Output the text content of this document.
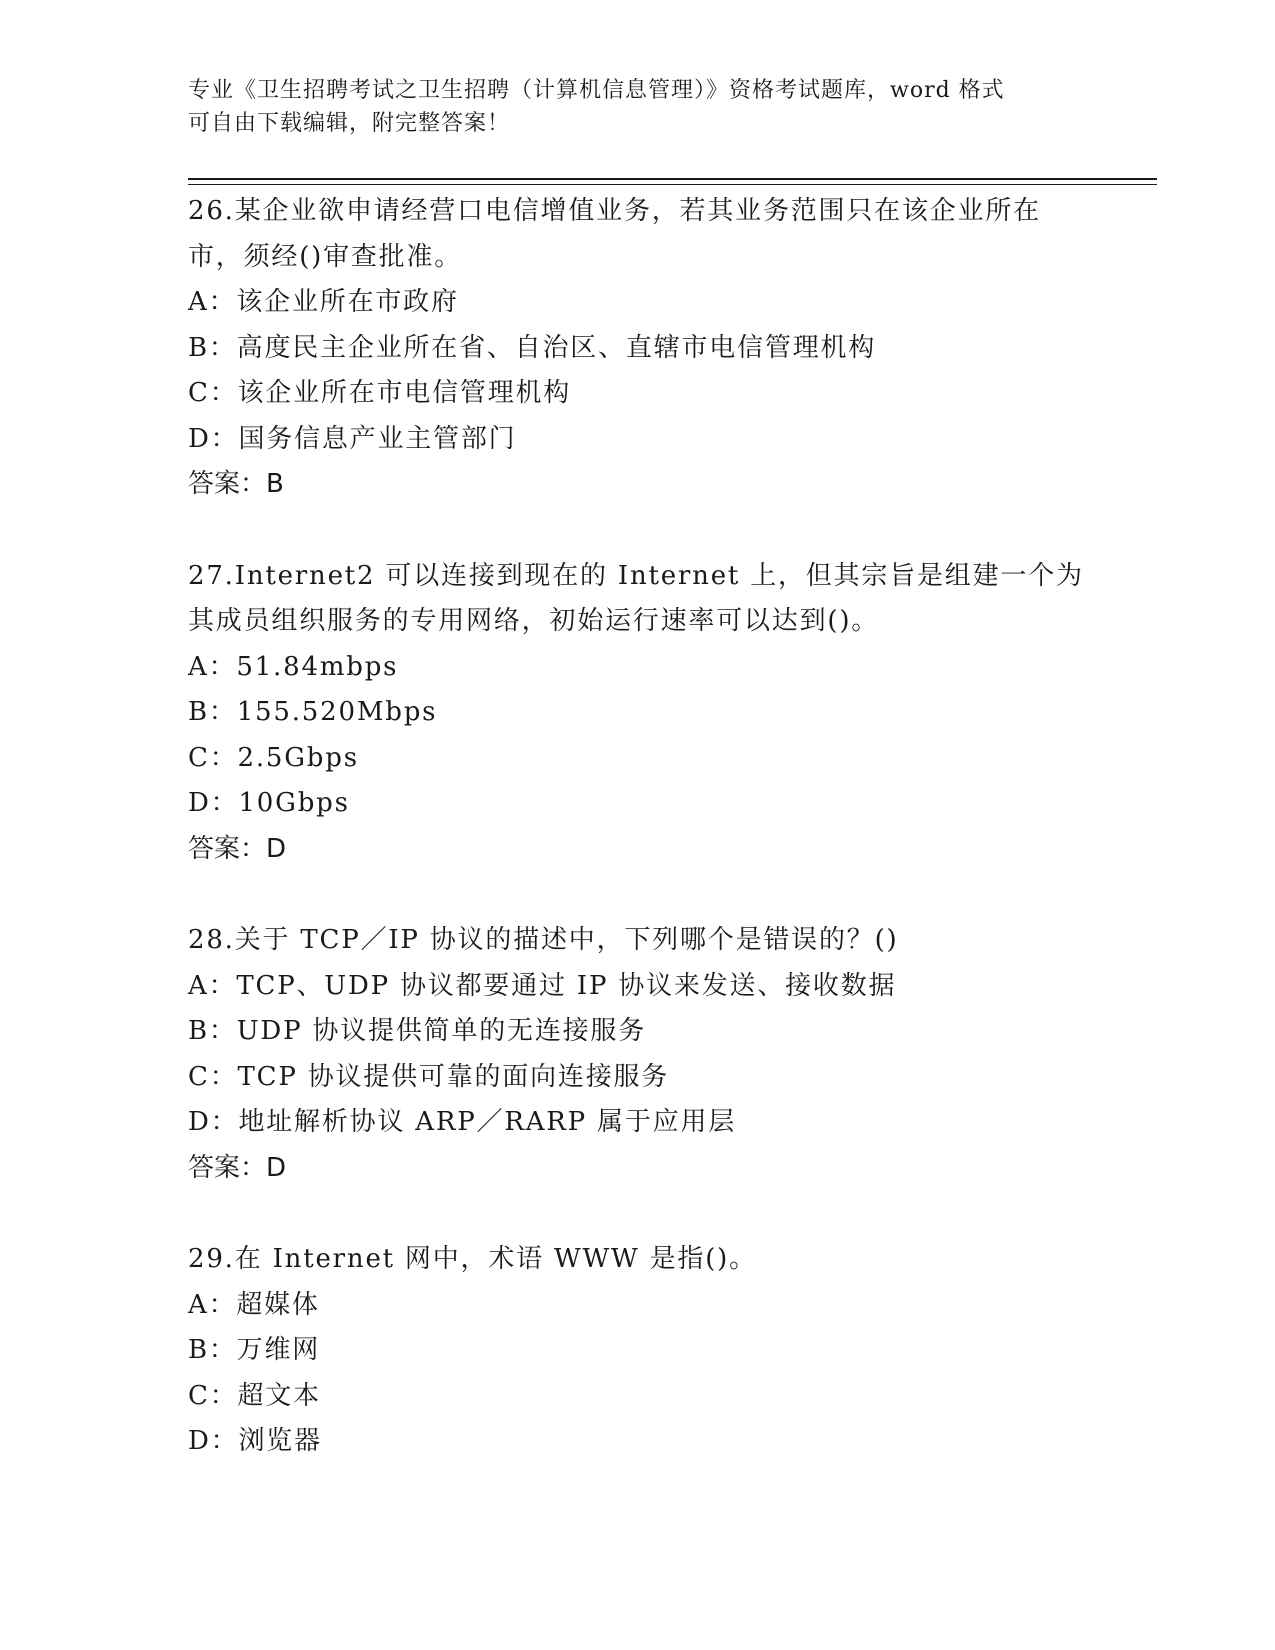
专业《卫生招聘考试之卫生招聘（计算机信息管理）》资格考试题库，word 格式
可自由下载编辑，附完整答案！
26.某企业欲申请经营口电信增值业务，若其业务范围只在该企业所在
市，须经()审查批准。
A：该企业所在市政府
B：高度民主企业所在省、自治区、直辖市电信管理机构
C：该企业所在市电信管理机构
D：国务信息产业主管部门
答案：B
27.Internet2 可以连接到现在的 Internet 上，但其宗旨是组建一个为
其成员组织服务的专用网络，初始运行速率可以达到()。
A：51.84mbps
B：155.520Mbps
C：2.5Gbps
D：10Gbps
答案：D
28.关于 TCP／IP 协议的描述中，下列哪个是错误的？()
A：TCP、UDP 协议都要通过 IP 协议来发送、接收数据
B：UDP 协议提供简单的无连接服务
C：TCP 协议提供可靠的面向连接服务
D：地址解析协议 ARP／RARP 属于应用层
答案：D
29.在 Internet 网中，术语 WWW 是指()。
A：超媒体
B：万维网
C：超文本
D：浏览器
